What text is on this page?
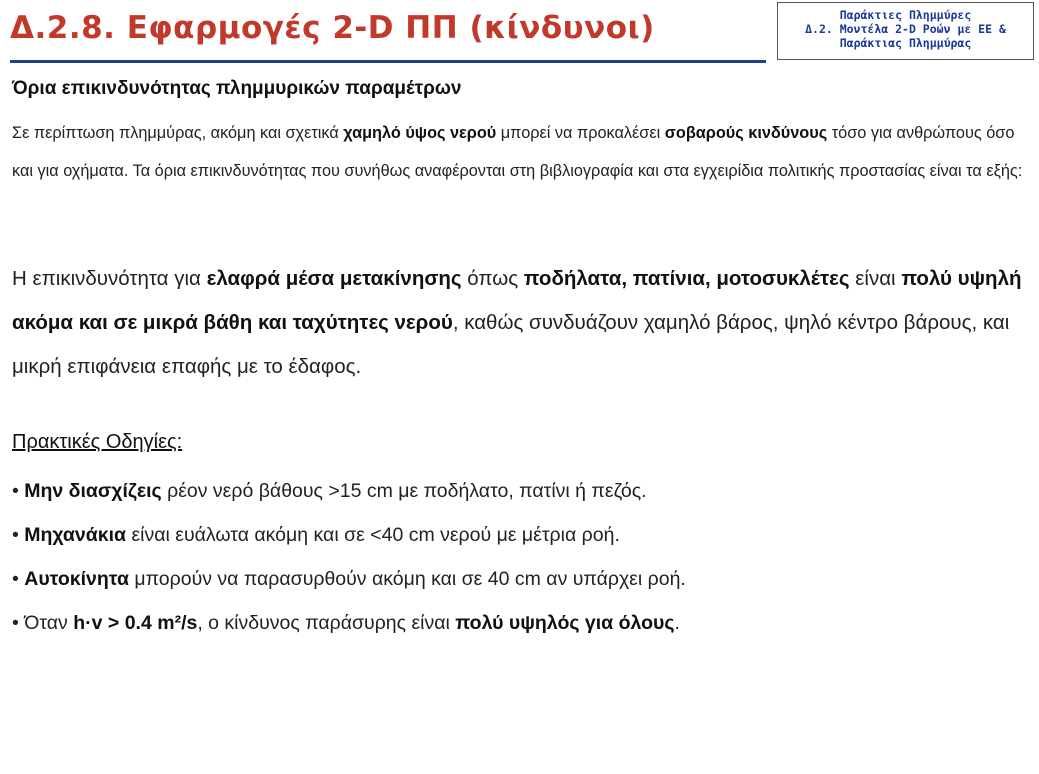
Δ.2.8. Εφαρμογές 2-D ΠΠ (κίνδυνοι)	Παράκτιες Πλημμύρες
Δ.2. Μοντέλα 2-D Ροών με ΕΕ &
Παράκτιας Πλημμύρας
Όρια επικινδυνότητας πλημμυρικών παραμέτρων
Σε περίπτωση πλημμύρας, ακόμη και σχετικά χαμηλό ύψος νερού μπορεί να προκαλέσει σοβαρούς κινδύνους τόσο για ανθρώπους όσο και για οχήματα. Τα όρια επικινδυνότητας που συνήθως αναφέρονται στη βιβλιογραφία και στα εγχειρίδια πολιτικής προστασίας είναι τα εξής:
Η επικινδυνότητα για ελαφρά μέσα μετακίνησης όπως ποδήλατα, πατίνια, μοτοσυκλέτες είναι πολύ υψηλή ακόμα και σε μικρά βάθη και ταχύτητες νερού, καθώς συνδυάζουν χαμηλό βάρος, ψηλό κέντρο βάρους, και μικρή επιφάνεια επαφής με το έδαφος.
Πρακτικές Οδηγίες:
• Μην διασχίζεις ρέον νερό βάθους >15 cm με ποδήλατο, πατίνι ή πεζός.
• Μηχανάκια είναι ευάλωτα ακόμη και σε <40 cm νερού με μέτρια ροή.
• Αυτοκίνητα μπορούν να παρασυρθούν ακόμη και σε 40 cm αν υπάρχει ροή.
• Όταν h·v > 0.4 m²/s, ο κίνδυνος παράσυρης είναι πολύ υψηλός για όλους.
